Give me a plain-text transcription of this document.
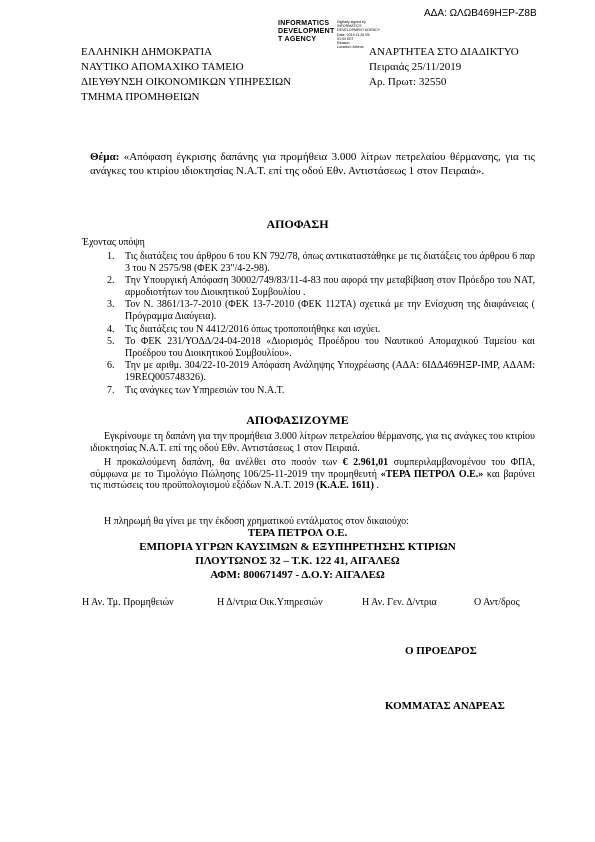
ΑΔΑ: ΩΛΩΒ469ΗΞΡ-Ζ8Β
INFORMATICS
DEVELOPMENT
T AGENCY
Digitally signed by
INFORMATICS
DEVELOPMENT AGENCY
Date: 2019.11.26 09:
01:00 EET
Reason:
Location: Athens
ΕΛΛΗΝΙΚΗ ΔΗΜΟΚΡΑΤΙΑ
ΝΑΥΤΙΚΟ ΑΠΟΜΑΧΙΚΟ ΤΑΜΕΙΟ
ΔΙΕΥΘΥΝΣΗ ΟΙΚΟΝΟΜΙΚΩΝ ΥΠΗΡΕΣΙΩΝ
ΤΜΗΜΑ ΠΡΟΜΗΘΕΙΩΝ
ΑΝΑΡΤΗΤΕΑ ΣΤΟ ΔΙΑΔΙΚΤΥΟ
Πειραιάς 25/11/2019
Αρ. Πρωτ: 32550
Θέμα: «Απόφαση έγκρισης δαπάνης για προμήθεια 3.000 λίτρων πετρελαίου θέρμανσης, για τις ανάγκες του κτιρίου ιδιοκτησίας Ν.Α.Τ. επί της οδού Εθν. Αντιστάσεως 1 στον Πειραιά».
ΑΠΟΦΑΣΗ
Έχοντας υπόψη
1. Τις διατάξεις του άρθρου 6 του ΚΝ 792/78, όπως αντικαταστάθηκε με τις διατάξεις του άρθρου 6 παρ 3 του Ν 2575/98 (ΦΕΚ 23"/4-2-98).
2. Την Υπουργική Απόφαση 30002/749/83/11-4-83 που αφορά την μεταβίβαση στον Πρόεδρο του ΝΑΤ, αρμοδιοτήτων του Διοικητικού Συμβουλίου .
3. Τον Ν. 3861/13-7-2010 (ΦΕΚ 13-7-2010 (ΦΕΚ 112ΤΑ) σχετικά με την Ενίσχυση της διαφάνειας ( Πρόγραμμα Διαύγεια).
4. Τις διατάξεις του Ν 4412/2016 όπως τροποποιήθηκε και ισχύει.
5. Το ΦΕΚ 231/ΥΟΔΔ/24-04-2018 «Διορισμός Προέδρου του Ναυτικού Απομαχικού Ταμείου και Προέδρου του Διοικητικού Συμβουλίου».
6. Την με αριθμ. 304/22-10-2019 Απόφαση Ανάληψης Υποχρέωσης (ΑΔΑ: 6ΙΔΔ469ΗΞΡ-ΙΜΡ, ΑΔΑΜ: 19REQ005748326).
7. Τις ανάγκες των Υπηρεσιών του Ν.Α.Τ.
ΑΠΟΦΑΣΙΖΟΥΜΕ
Εγκρίνουμε τη δαπάνη για την προμήθεια 3.000 λίτρων πετρελαίου θέρμανσης, για τις ανάγκες του κτιρίου ιδιοκτησίας Ν.Α.Τ. επί της οδού Εθν. Αντιστάσεως 1 στον Πειραιά.
Η προκαλούμενη δαπάνη, θα ανέλθει στο ποσόν των € 2.961,01 συμπεριλαμβανομένου του ΦΠΑ, σύμφωνα με το Τιμολόγιο Πώλησης 106/25-11-2019 την προμηθευτή «ΤΕΡΑ ΠΕΤΡΟΛ Ο.Ε.» και βαρύνει τις πιστώσεις του προϋπολογισμού εξόδων Ν.Α.Τ. 2019 (Κ.Α.Ε. 1611) .
Η πληρωμή θα γίνει με την έκδοση χρηματικού εντάλματος στον δικαιούχο:
ΤΕΡΑ ΠΕΤΡΟΛ Ο.Ε.
ΕΜΠΟΡΙΑ ΥΓΡΩΝ ΚΑΥΣΙΜΩΝ & ΕΞΥΠΗΡΕΤΗΣΗΣ ΚΤΙΡΙΩΝ
ΠΛΟΥΤΩΝΟΣ 32 – Τ.Κ. 122 41, ΑΙΓΑΛΕΩ
ΑΦΜ: 800671497 - Δ.Ο.Υ: ΑΙΓΑΛΕΩ
Η Αν. Τμ. Προμηθειών	Η Δ/ντρια Οικ.Υπηρεσιών	Η Αν. Γεν. Δ/ντρια	Ο Αντ/δρος
Ο ΠΡΟΕΔΡΟΣ
ΚΟΜΜΑΤΑΣ ΑΝΔΡΕΑΣ
